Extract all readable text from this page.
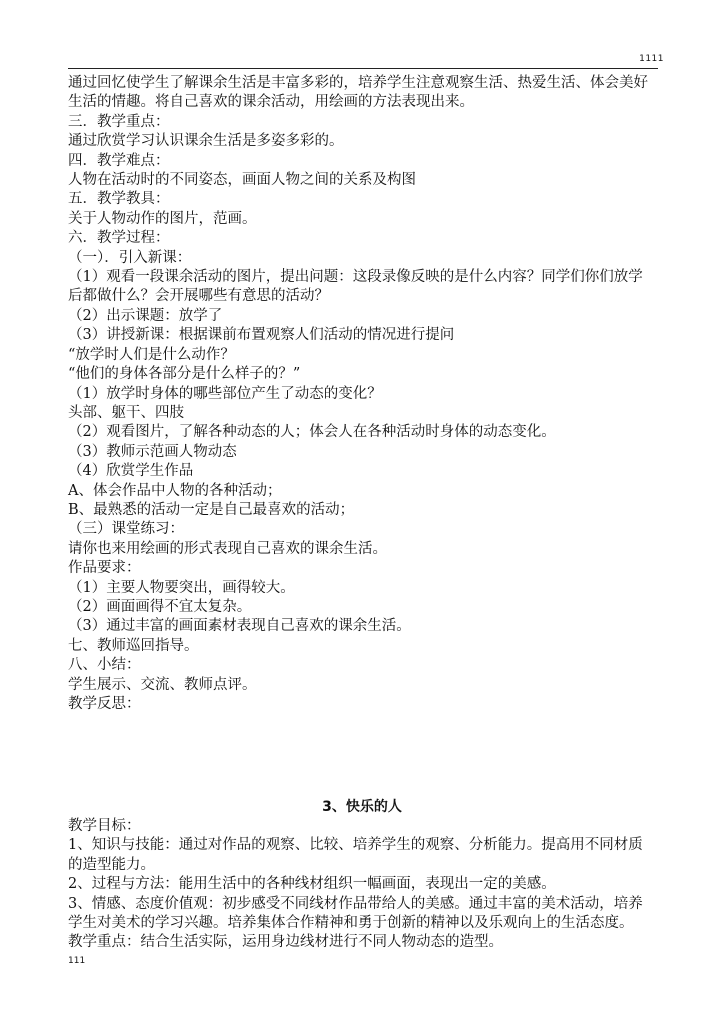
1111
通过回忆使学生了解课余生活是丰富多彩的，培养学生注意观察生活、热爱生活、体会美好
生活的情趣。将自己喜欢的课余活动，用绘画的方法表现出来。
三．教学重点：
通过欣赏学习认识课余生活是多姿多彩的。
四．教学难点：
人物在活动时的不同姿态，画面人物之间的关系及构图
五．教学教具：
关于人物动作的图片，范画。
六．教学过程：
（一）．引入新课：
（1）观看一段课余活动的图片，提出问题：这段录像反映的是什么内容？同学们你们放学
后都做什么？会开展哪些有意思的活动？
（2）出示课题：放学了
（3）讲授新课：根据课前布置观察人们活动的情况进行提问
“放学时人们是什么动作？
“他们的身体各部分是什么样子的？”
（1）放学时身体的哪些部位产生了动态的变化？
头部、躯干、四肢
（2）观看图片，了解各种动态的人；体会人在各种活动时身体的动态变化。
（3）教师示范画人物动态
（4）欣赏学生作品
A、体会作品中人物的各种活动；
B、最熟悉的活动一定是自己最喜欢的活动；
（三）课堂练习：
请你也来用绘画的形式表现自己喜欢的课余生活。
作品要求：
（1）主要人物要突出，画得较大。
（2）画面画得不宜太复杂。
（3）通过丰富的画面素材表现自己喜欢的课余生活。
七、教师巡回指导。
八、小结：
学生展示、交流、教师点评。
教学反思：
3、快乐的人
教学目标：
1、知识与技能：通过对作品的观察、比较、培养学生的观察、分析能力。提高用不同材质
的造型能力。
2、过程与方法：能用生活中的各种线材组织一幅画面，表现出一定的美感。
3、情感、态度价值观：初步感受不同线材作品带给人的美感。通过丰富的美术活动，培养
学生对美术的学习兴趣。培养集体合作精神和勇于创新的精神以及乐观向上的生活态度。
教学重点：结合生活实际，运用身边线材进行不同人物动态的造型。
111
